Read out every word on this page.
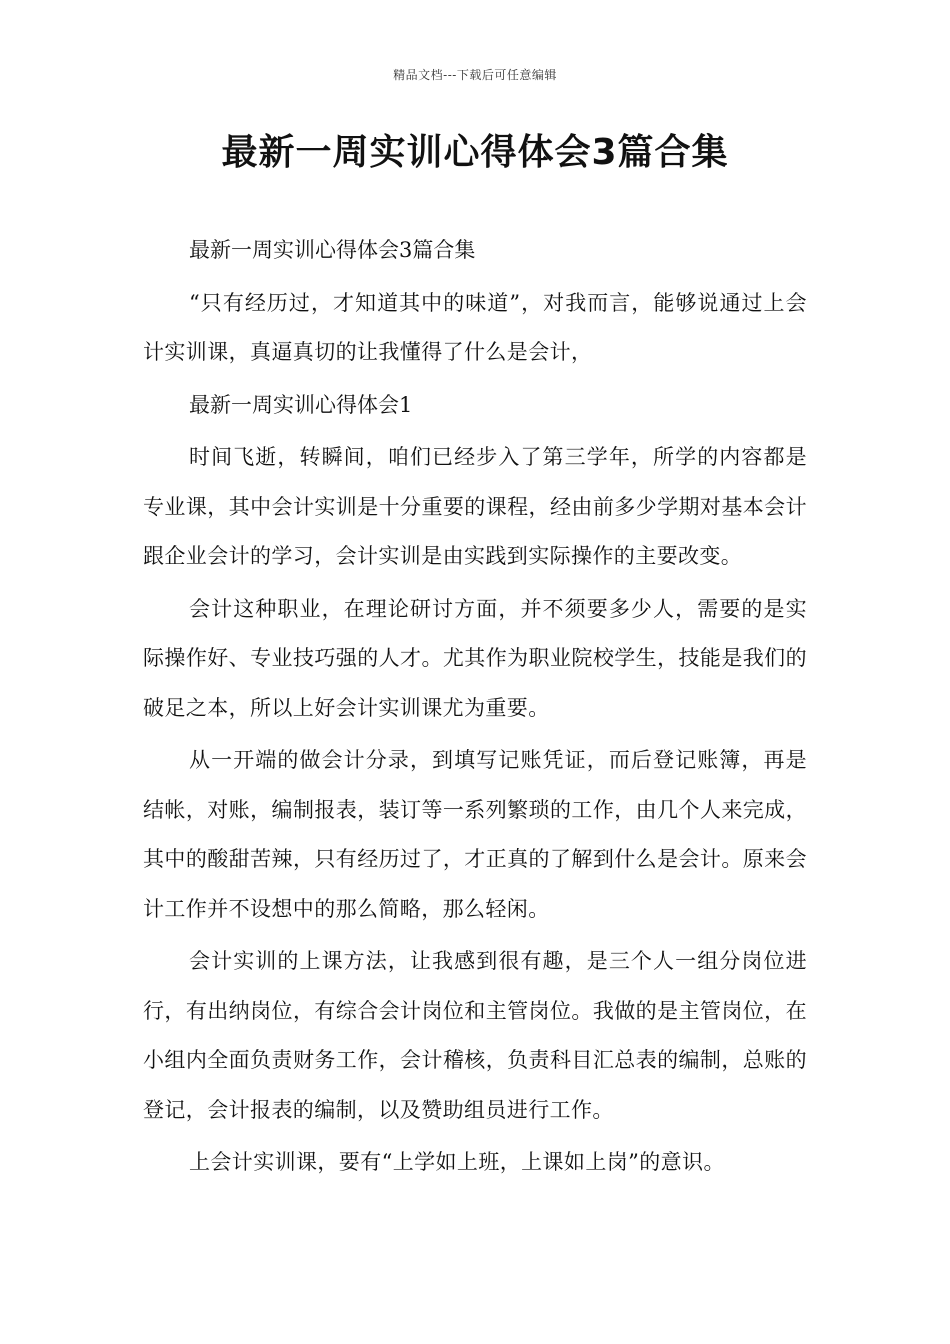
精品文档---下载后可任意编辑
最新一周实训心得体会3篇合集

最新一周实训心得体会3篇合集

“只有经历过，才知道其中的味道”，对我而言，能够说通过上会计实训课，真逼真切的让我懂得了什么是会计，

最新一周实训心得体会1

时间飞逝，转瞬间，咱们已经步入了第三学年，所学的内容都是专业课，其中会计实训是十分重要的课程，经由前多少学期对基本会计跟企业会计的学习，会计实训是由实践到实际操作的主要改变。

会计这种职业，在理论研讨方面，并不须要多少人，需要的是实际操作好、专业技巧强的人才。尤其作为职业院校学生，技能是我们的破足之本，所以上好会计实训课尤为重要。

从一开端的做会计分录，到填写记账凭证，而后登记账簿，再是结帐，对账，编制报表，装订等一系列繁琐的工作，由几个人来完成，其中的酸甜苦辣，只有经历过了，才正真的了解到什么是会计。原来会计工作并不设想中的那么简略，那么轻闲。

会计实训的上课方法，让我感到很有趣，是三个人一组分岗位进行，有出纳岗位，有综合会计岗位和主管岗位。我做的是主管岗位，在小组内全面负责财务工作，会计稽核，负责科目汇总表的编制，总账的登记，会计报表的编制，以及赞助组员进行工作。

上会计实训课，要有“上学如上班，上课如上岗”的意识。
